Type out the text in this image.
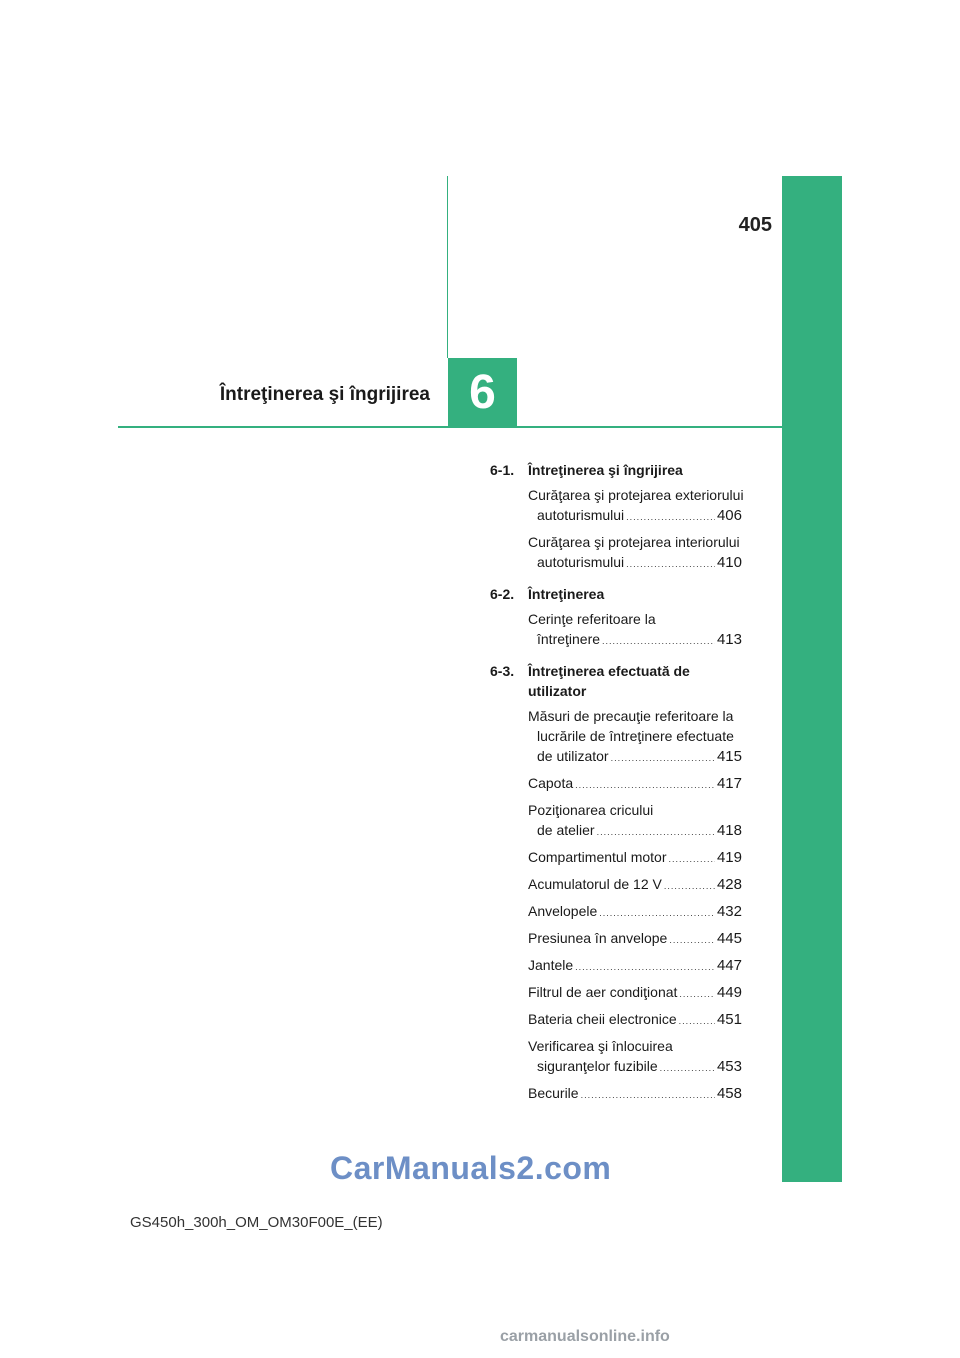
405
Întreţinerea şi îngrijirea 6
6-1. Întreţinerea şi îngrijirea
Curăţarea şi protejarea exteriorului
autoturismului .....	406
Curăţarea şi protejarea interiorului
autoturismului .....	410
6-2. Întreţinerea
Cerinţe referitoare la
întreţinere .....	413
6-3. Întreţinerea efectuată de utilizator
Măsuri de precauţie referitoare la
lucrările de întreţinere efectuate
de utilizator .....	415
Capota .....	417
Poziţionarea cricului
de atelier .....	418
Compartimentul motor .....	419
Acumulatorul de 12 V .....	428
Anvelopele .....	432
Presiunea în anvelope .....	445
Jantele .....	447
Filtrul de aer condiţionat .....	449
Bateria cheii electronice .....	451
Verificarea şi înlocuirea
siguranţelor fuzibile .....	453
Becurile .....	458
CarManuals2.com
GS450h_300h_OM_OM30F00E_(EE)
carmanualsonline.info
